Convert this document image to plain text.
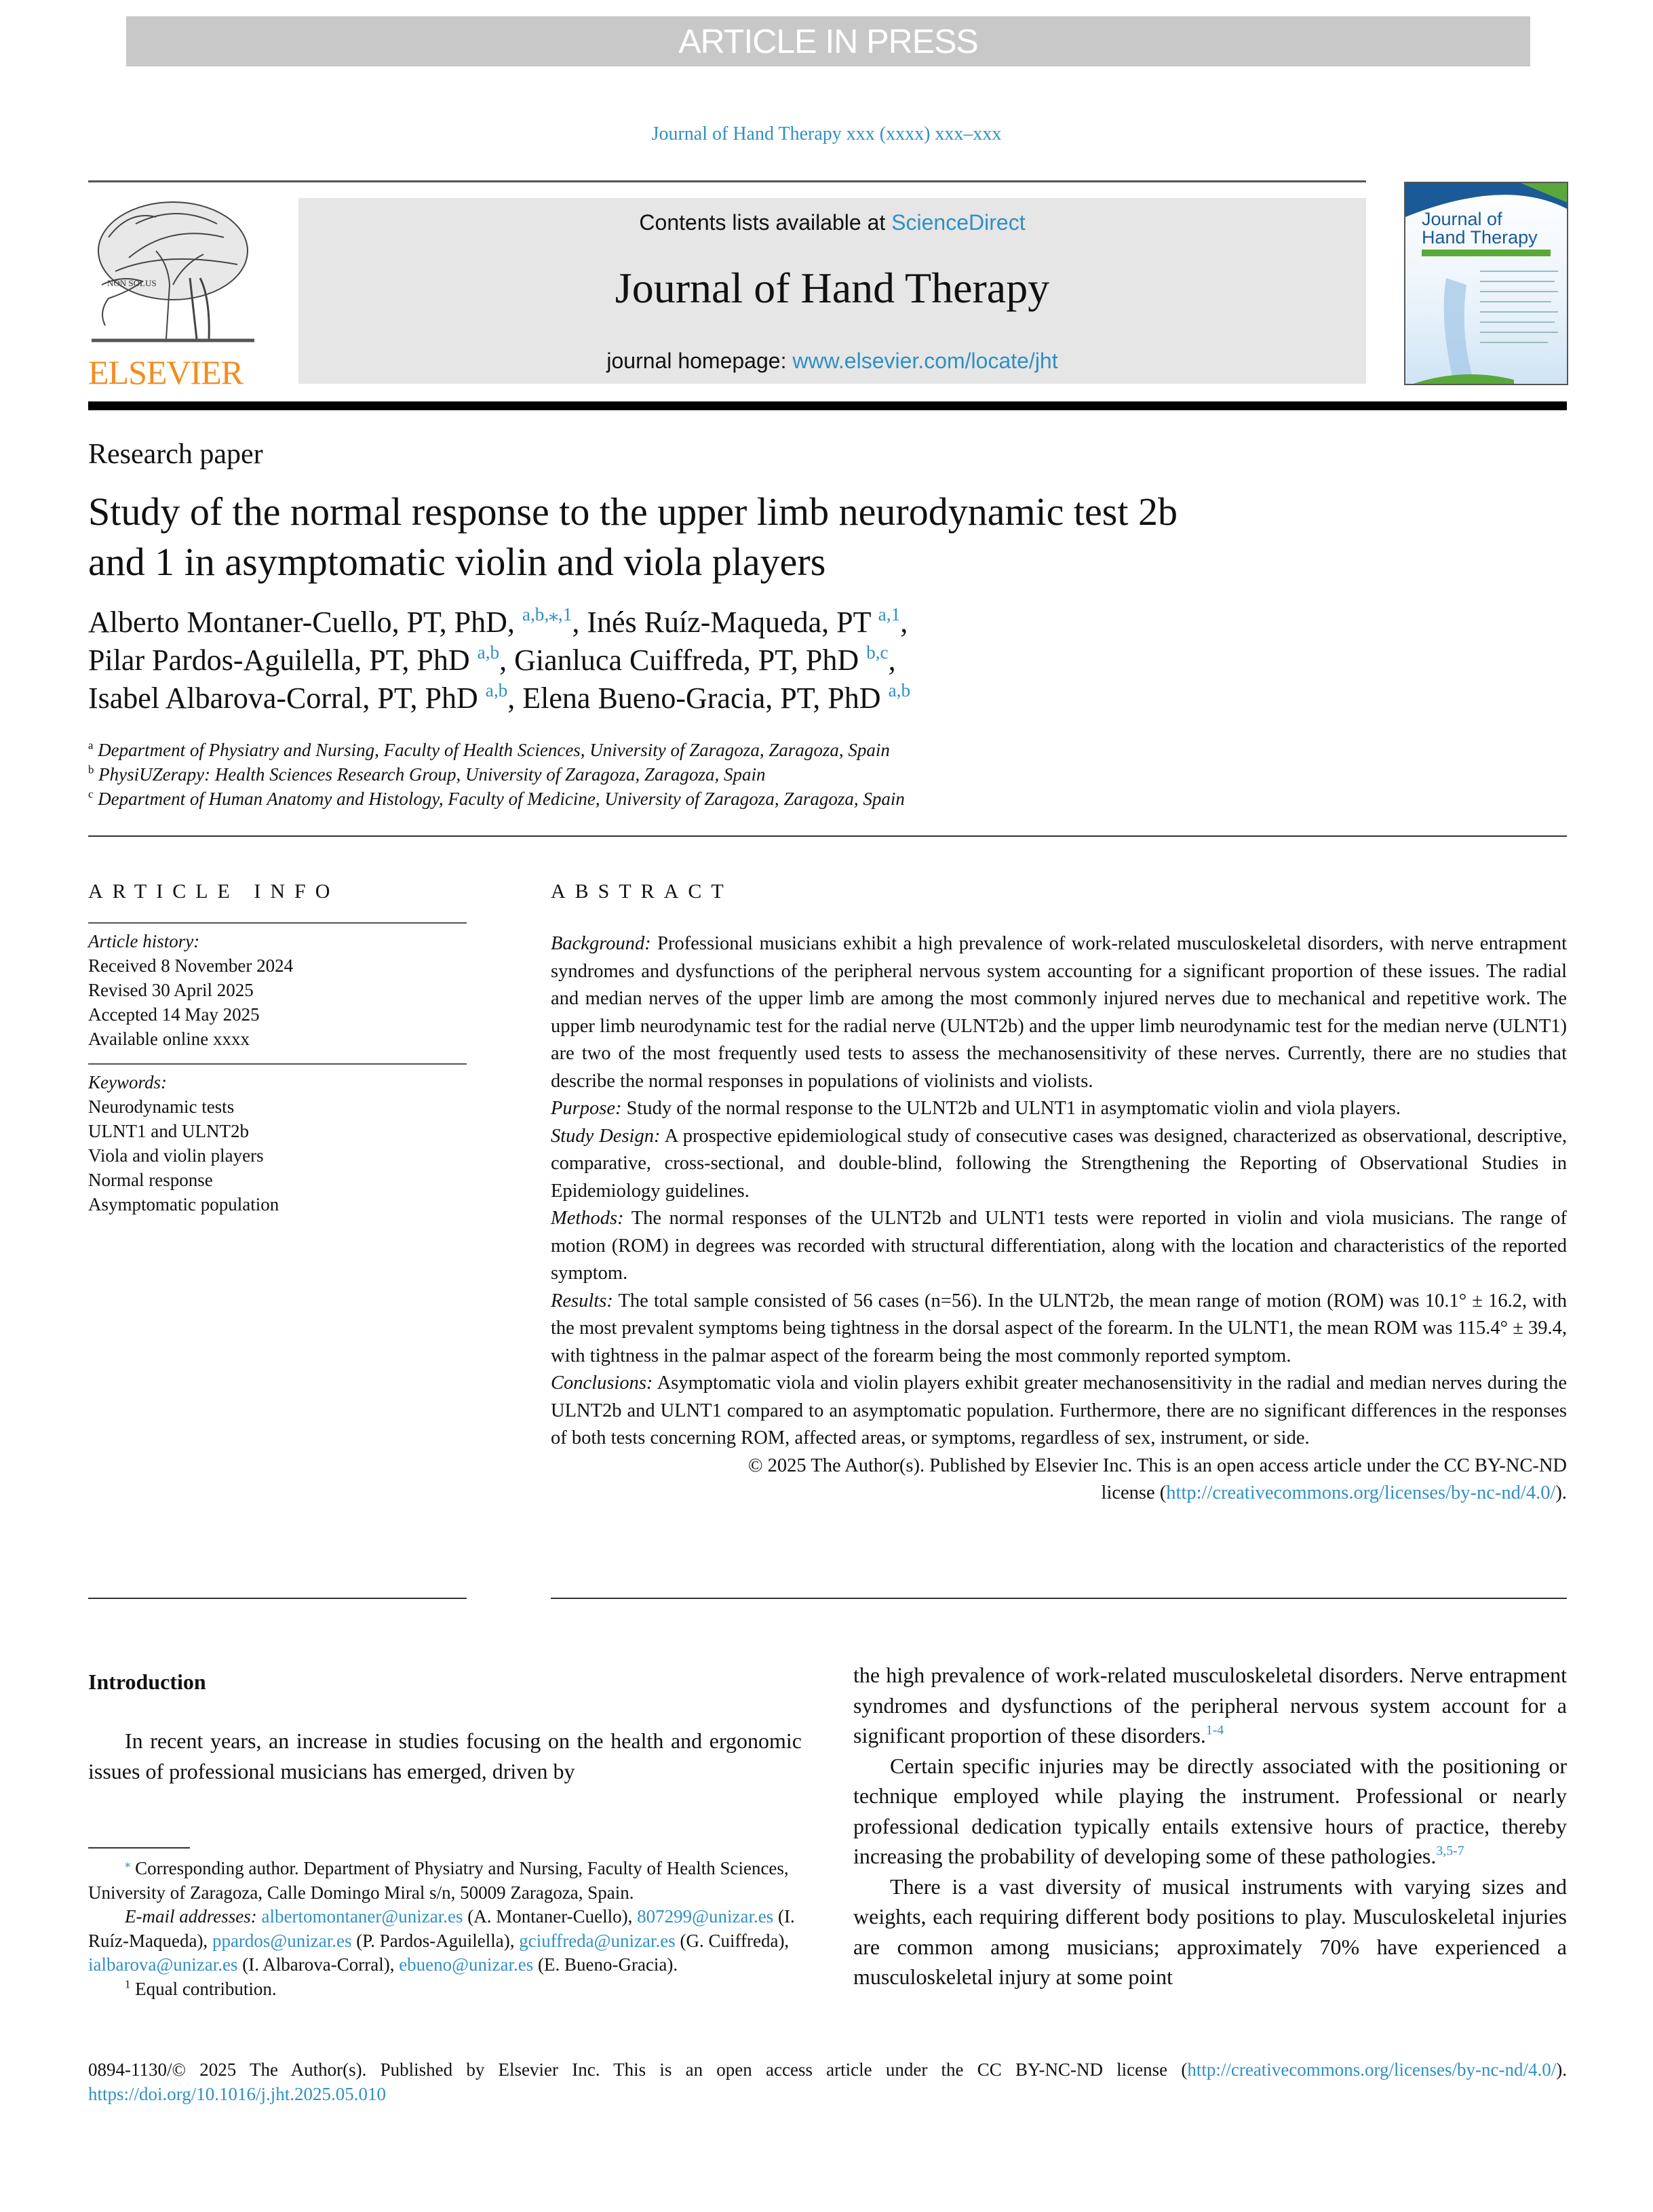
ARTICLE IN PRESS
Journal of Hand Therapy xxx (xxxx) xxx–xxx
NON SOLUS
ELSEVIER
Contents lists available at ScienceDirect
Journal of Hand Therapy
journal homepage: www.elsevier.com/locate/jht
Journal of
Hand Therapy
Research paper
Study of the normal response to the upper limb neurodynamic test 2b
and 1 in asymptomatic violin and viola players
Alberto Montaner-Cuello, PT, PhD, $^{a,b,⁎,1}$, Inés Ruíz-Maqueda, PT $^{a,1}$,
Pilar Pardos-Aguilella, PT, PhD $^{a,b}$, Gianluca Cuiffreda, PT, PhD $^{b,c}$,
Isabel Albarova-Corral, PT, PhD $^{a,b}$, Elena Bueno-Gracia, PT, PhD $^{a,b}$
$^a$ Department of Physiatry and Nursing, Faculty of Health Sciences, University of Zaragoza, Zaragoza, Spain
$^b$ PhysiUZerapy: Health Sciences Research Group, University of Zaragoza, Zaragoza, Spain
$^c$ Department of Human Anatomy and Histology, Faculty of Medicine, University of Zaragoza, Zaragoza, Spain
ARTICLE INFO
Article history:
Received 8 November 2024
Revised 30 April 2025
Accepted 14 May 2025
Available online xxxx
Keywords:
Neurodynamic tests
ULNT1 and ULNT2b
Viola and violin players
Normal response
Asymptomatic population
ABSTRACT

Background: Professional musicians exhibit a high prevalence of work-related musculoskeletal disorders, with nerve entrapment syndromes and dysfunctions of the peripheral nervous system accounting for a significant proportion of these issues. The radial and median nerves of the upper limb are among the most commonly injured nerves due to mechanical and repetitive work. The upper limb neurodynamic test for the radial nerve (ULNT2b) and the upper limb neurodynamic test for the median nerve (ULNT1) are two of the most frequently used tests to assess the mechanosensitivity of these nerves. Currently, there are no studies that describe the normal responses in populations of violinists and violists.

Purpose: Study of the normal response to the ULNT2b and ULNT1 in asymptomatic violin and viola players.

Study Design: A prospective epidemiological study of consecutive cases was designed, characterized as observational, descriptive, comparative, cross-sectional, and double-blind, following the Strengthening the Reporting of Observational Studies in Epidemiology guidelines.

Methods: The normal responses of the ULNT2b and ULNT1 tests were reported in violin and viola musicians. The range of motion (ROM) in degrees was recorded with structural differentiation, along with the location and characteristics of the reported symptom.

Results: The total sample consisted of 56 cases (n=56). In the ULNT2b, the mean range of motion (ROM) was 10.1° ± 16.2, with the most prevalent symptoms being tightness in the dorsal aspect of the forearm. In the ULNT1, the mean ROM was 115.4° ± 39.4, with tightness in the palmar aspect of the forearm being the most commonly reported symptom.

Conclusions: Asymptomatic viola and violin players exhibit greater mechanosensitivity in the radial and median nerves during the ULNT2b and ULNT1 compared to an asymptomatic population. Furthermore, there are no significant differences in the responses of both tests concerning ROM, affected areas, or symptoms, regardless of sex, instrument, or side.

© 2025 The Author(s). Published by Elsevier Inc. This is an open access article under the CC BY-NC-ND
license (http://creativecommons.org/licenses/by-nc-nd/4.0/).

Introduction

In recent years, an increase in studies focusing on the health and ergonomic issues of professional musicians has emerged, driven by

the high prevalence of work-related musculoskeletal disorders. Nerve entrapment syndromes and dysfunctions of the peripheral nervous system account for a significant proportion of these disorders.$^{1-4}$

Certain specific injuries may be directly associated with the positioning or technique employed while playing the instrument. Professional or nearly professional dedication typically entails extensive hours of practice, thereby increasing the probability of developing some of these pathologies.$^{3,5-7}$

There is a vast diversity of musical instruments with varying sizes and weights, each requiring different body positions to play. Musculoskeletal injuries are common among musicians; approximately 70% have experienced a musculoskeletal injury at some point

⁎ Corresponding author. Department of Physiatry and Nursing, Faculty of Health Sciences, University of Zaragoza, Calle Domingo Miral s/n, 50009 Zaragoza, Spain.

E-mail addresses: albertomontaner@unizar.es (A. Montaner-Cuello), 807299@unizar.es (I. Ruíz-Maqueda), ppardos@unizar.es (P. Pardos-Aguilella), gciuffreda@unizar.es (G. Cuiffreda), ialbarova@unizar.es (I. Albarova-Corral), ebueno@unizar.es (E. Bueno-Gracia).

$^1$ Equal contribution.

0894-1130/© 2025 The Author(s). Published by Elsevier Inc. This is an open access article under the CC BY-NC-ND license (http://creativecommons.org/licenses/by-nc-nd/4.0/).
https://doi.org/10.1016/j.jht.2025.05.010
